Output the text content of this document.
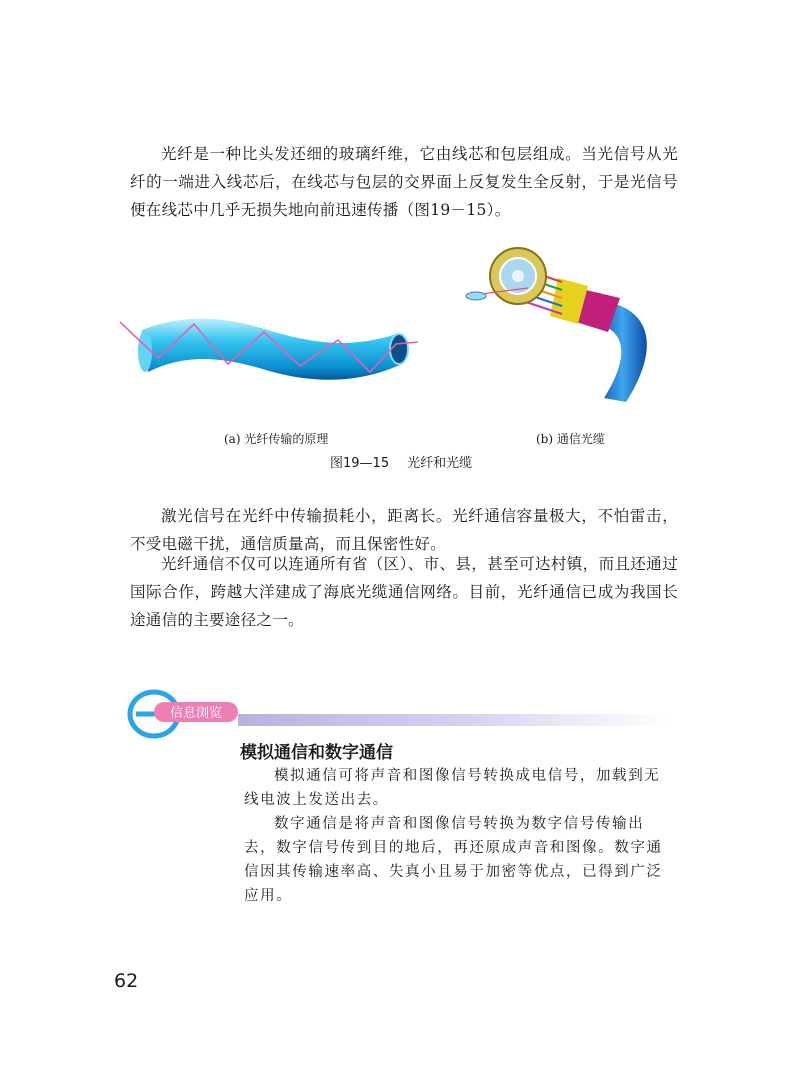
光纤是一种比头发还细的玻璃纤维，它由线芯和包层组成。当光信号从光纤的一端进入线芯后，在线芯与包层的交界面上反复发生全反射，于是光信号便在线芯中几乎无损失地向前迅速传播（图19－15）。

(a) 光纤传输的原理	(b) 通信光缆
图19—15 光纤和光缆

激光信号在光纤中传输损耗小，距离长。光纤通信容量极大，不怕雷击，不受电磁干扰，通信质量高，而且保密性好。

光纤通信不仅可以连通所有省（区）、市、县，甚至可达村镇，而且还通过国际合作，跨越大洋建成了海底光缆通信网络。目前，光纤通信已成为我国长途通信的主要途径之一。

信息浏览
模拟通信和数字通信

模拟通信可将声音和图像信号转换成电信号，加载到无线电波上发送出去。

数字通信是将声音和图像信号转换为数字信号传输出去，数字信号传到目的地后，再还原成声音和图像。数字通信因其传输速率高、失真小且易于加密等优点，已得到广泛应用。

62
